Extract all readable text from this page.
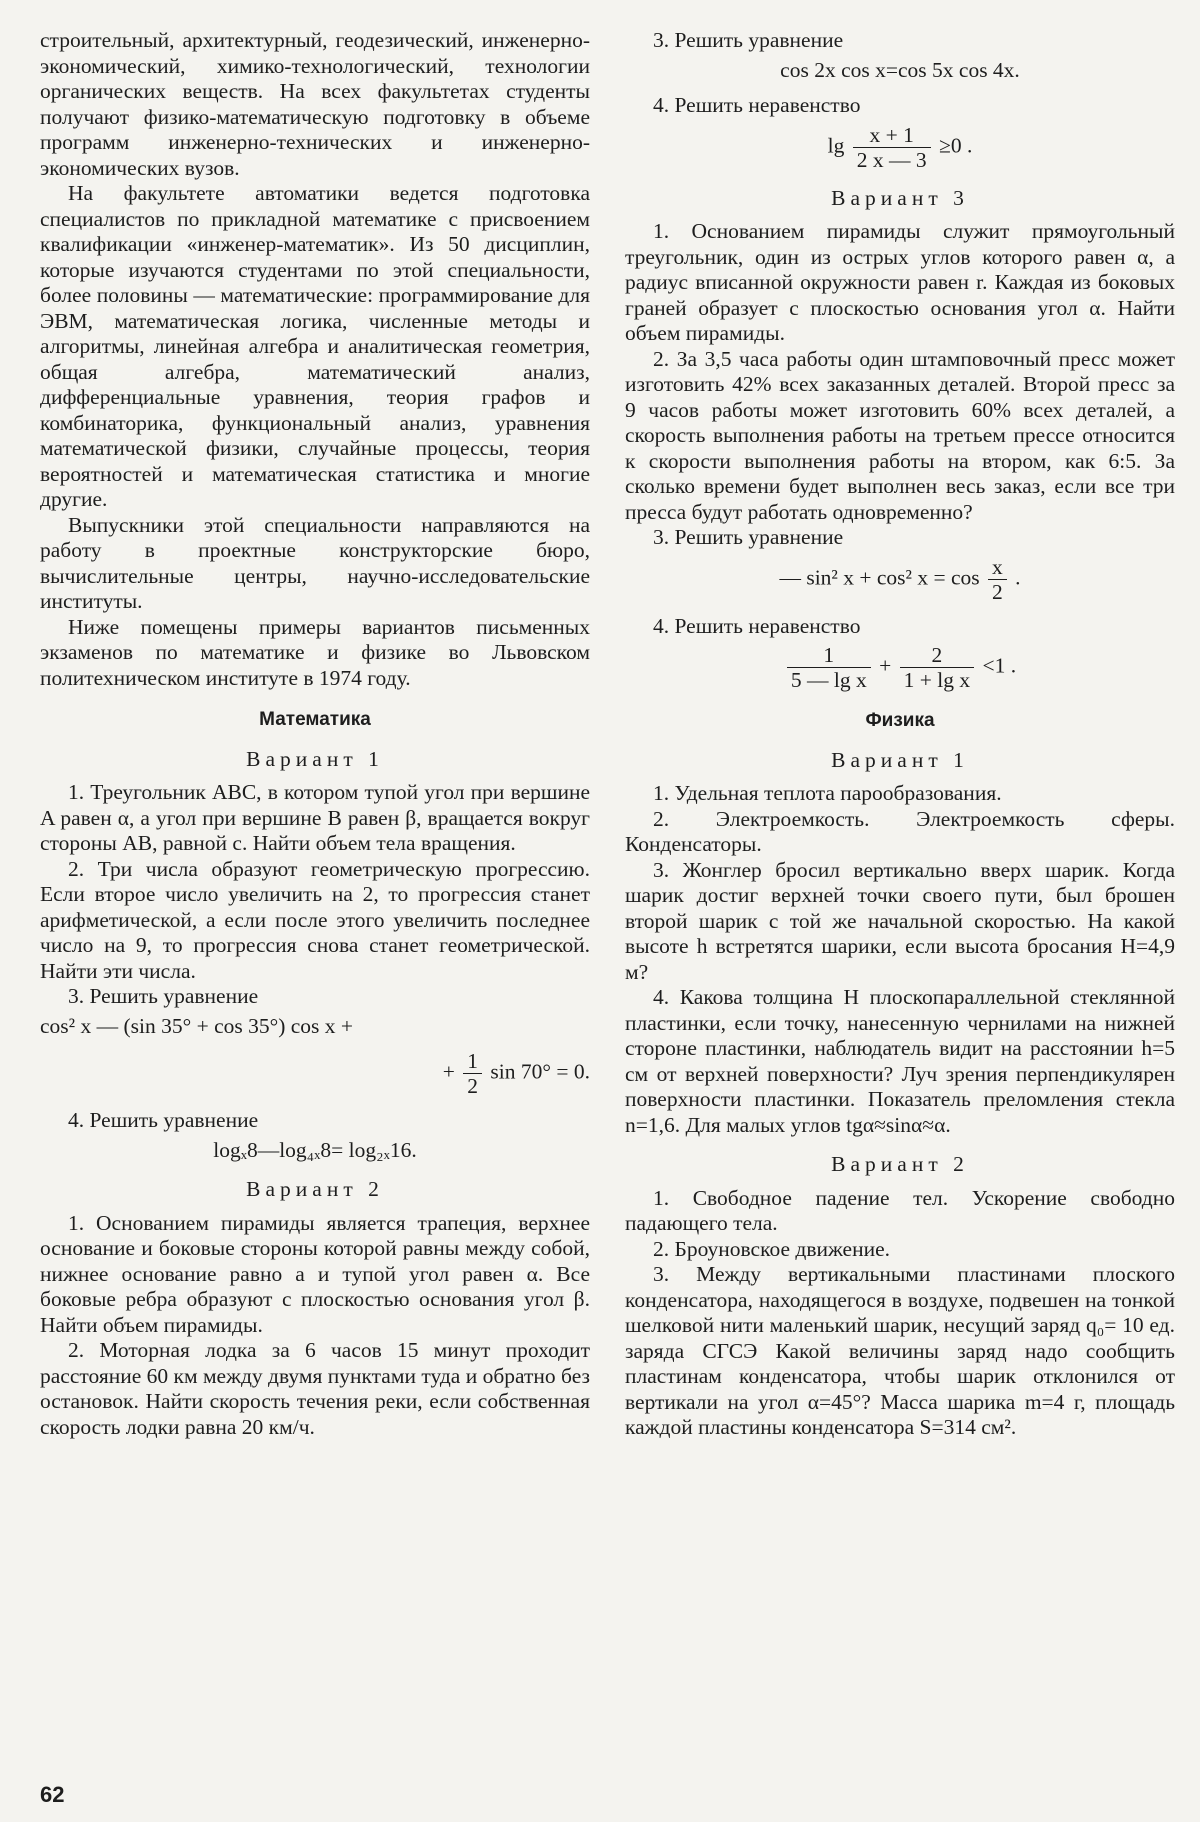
строительный, архитектурный, геодезический, инженерно-экономический, химико-технологический, технологии органических веществ. На всех факультетах студенты получают физико-математическую подготовку в объеме программ инженерно-технических и инженерно-экономических вузов.

На факультете автоматики ведется подготовка специалистов по прикладной математике с присвоением квалификации «инженер-математик». Из 50 дисциплин, которые изучаются студентами по этой специальности, более половины — математические: программирование для ЭВМ, математическая логика, численные методы и алгоритмы, линейная алгебра и аналитическая геометрия, общая алгебра, математический анализ, дифференциальные уравнения, теория графов и комбинаторика, функциональный анализ, уравнения математической физики, случайные процессы, теория вероятностей и математическая статистика и многие другие.

Выпускники этой специальности направляются на работу в проектные конструкторские бюро, вычислительные центры, научно-исследовательские институты.

Ниже помещены примеры вариантов письменных экзаменов по математике и физике во Львовском политехническом институте в 1974 году.

Математика
Вариант 1

1. Треугольник ABC, в котором тупой угол при вершине A равен α, а угол при вершине B равен β, вращается вокруг стороны AB, равной c. Найти объем тела вращения.

2. Три числа образуют геометрическую прогрессию. Если второе число увеличить на 2, то прогрессия станет арифметической, а если после этого увеличить последнее число на 9, то прогрессия снова станет геометрической. Найти эти числа.

3. Решить уравнение

cos² x — (sin 35° + cos 35°) cos x +
+ $\frac{1}{2}$ sin 70° = 0.

4. Решить уравнение

logₓ8—log₄ₓ8= log₂ₓ16.
Вариант 2

1. Основанием пирамиды является трапеция, верхнее основание и боковые стороны которой равны между собой, нижнее основание равно a и тупой угол равен α. Все боковые ребра образуют с плоскостью основания угол β. Найти объем пирамиды.

2. Моторная лодка за 6 часов 15 минут проходит расстояние 60 км между двумя пунктами туда и обратно без остановок. Найти скорость течения реки, если собственная скорость лодки равна 20 км/ч.

3. Решить уравнение

cos 2x cos x=cos 5x cos 4x.

4. Решить неравенство

$\lg \frac{x + 1}{2 x — 3} \ge 0$ .
Вариант 3

1. Основанием пирамиды служит прямоугольный треугольник, один из острых углов которого равен α, а радиус вписанной окружности равен r. Каждая из боковых граней образует с плоскостью основания угол α. Найти объем пирамиды.

2. За 3,5 часа работы один штамповочный пресс может изготовить 42% всех заказанных деталей. Второй пресс за 9 часов работы может изготовить 60% всех деталей, а скорость выполнения работы на третьем прессе относится к скорости выполнения работы на втором, как 6:5. За сколько времени будет выполнен весь заказ, если все три пресса будут работать одновременно?

3. Решить уравнение

— sin² x + cos² $x = \cos \frac{x}{2}$ .

4. Решить неравенство

$\frac{1}{\text{5 — lg x}} + \frac{2}{\text{1 + lg x}} <1$ .
Физика
Вариант 1

1. Удельная теплота парообразования.

2. Электроемкость. Электроемкость сферы. Конденсаторы.

3. Жонглер бросил вертикально вверх шарик. Когда шарик достиг верхней точки своего пути, был брошен второй шарик с той же начальной скоростью. На какой высоте h встретятся шарики, если высота бросания H=4,9 м?

4. Какова толщина H плоскопараллельной стеклянной пластинки, если точку, нанесенную чернилами на нижней стороне пластинки, наблюдатель видит на расстоянии h=5 см от верхней поверхности? Луч зрения перпендикулярен поверхности пластинки. Показатель преломления стекла n=1,6. Для малых углов tgα≈sinα≈α.

Вариант 2

1. Свободное падение тел. Ускорение свободно падающего тела.

2. Броуновское движение.

3. Между вертикальными пластинами плоского конденсатора, находящегося в воздухе, подвешен на тонкой шелковой нити маленький шарик, несущий заряд q₀= 10 ед. заряда СГСЭ Какой величины заряд надо сообщить пластинам конденсатора, чтобы шарик отклонился от вертикали на угол α=45°? Масса шарика m=4 г, площадь каждой пластины конденсатора S=314 см².

62
